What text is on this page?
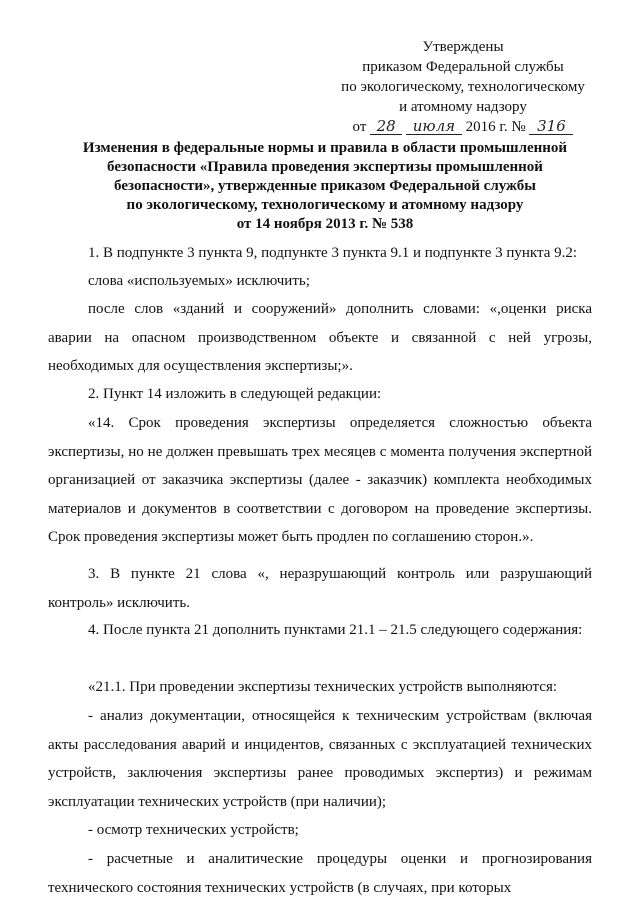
Утверждены
приказом Федеральной службы
по экологическому, технологическому
и атомному надзору
от 28 июля 2016 г. № 316
Изменения в федеральные нормы и правила в области промышленной
безопасности «Правила проведения экспертизы промышленной
безопасности», утвержденные приказом Федеральной службы
по экологическому, технологическому и атомному надзору
от 14 ноября 2013 г. № 538
1. В подпункте 3 пункта 9, подпункте 3 пункта 9.1 и подпункте 3 пункта 9.2:
слова «используемых» исключить;
после слов «зданий и сооружений» дополнить словами: «,оценки риска аварии на опасном производственном объекте и связанной с ней угрозы, необходимых для осуществления экспертизы;».
2. Пункт 14 изложить в следующей редакции:
«14. Срок проведения экспертизы определяется сложностью объекта экспертизы, но не должен превышать трех месяцев с момента получения экспертной организацией от заказчика экспертизы (далее - заказчик) комплекта необходимых материалов и документов в соответствии с договором на проведение экспертизы. Срок проведения экспертизы может быть продлен по соглашению сторон.».
3. В пункте 21 слова «, неразрушающий контроль или разрушающий контроль» исключить.
4. После пункта 21 дополнить пунктами 21.1 – 21.5 следующего содержания:
«21.1. При проведении экспертизы технических устройств выполняются:
- анализ документации, относящейся к техническим устройствам (включая акты расследования аварий и инцидентов, связанных с эксплуатацией технических устройств, заключения экспертизы ранее проводимых экспертиз) и режимам эксплуатации технических устройств (при наличии);
- осмотр технических устройств;
- расчетные и аналитические процедуры оценки и прогнозирования технического состояния технических устройств (в случаях, при которых
